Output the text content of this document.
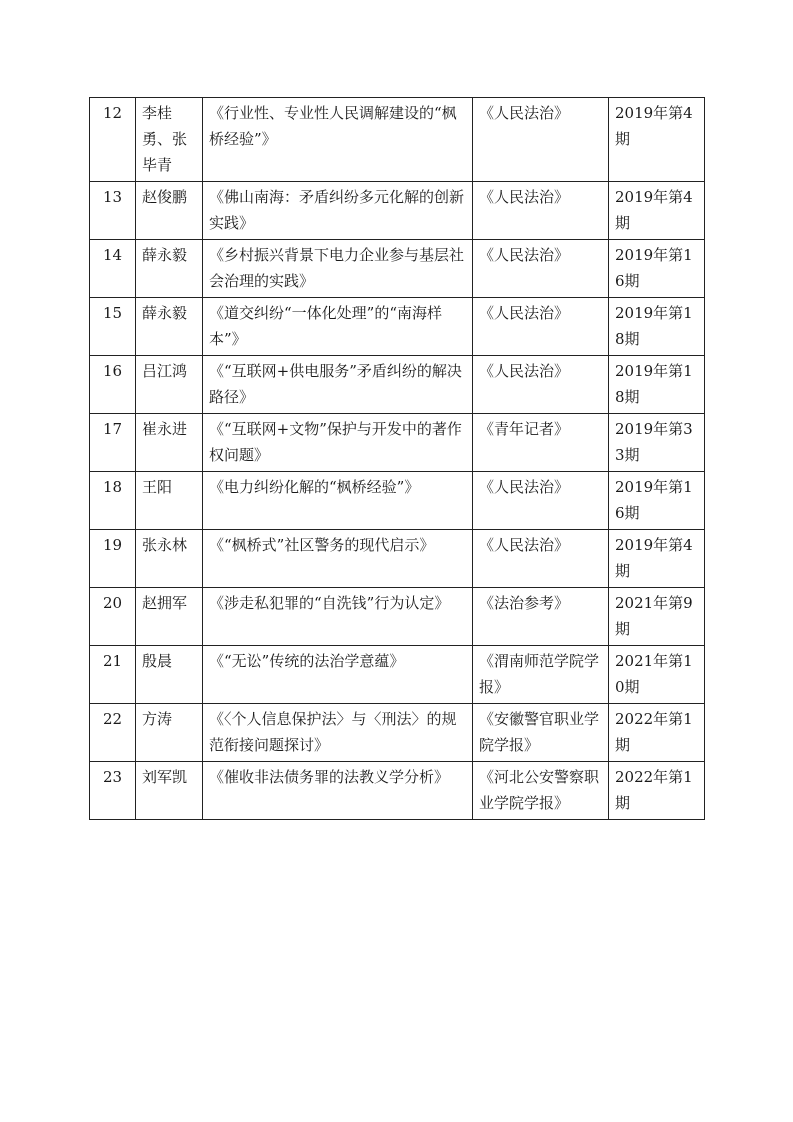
12	李桂勇、张毕青	《行业性、专业性人民调解建设的“枫桥经验”》	《人民法治》	2019年第4期
13	赵俊鹏	《佛山南海：矛盾纠纷多元化解的创新实践》	《人民法治》	2019年第4期
14	薛永毅	《乡村振兴背景下电力企业参与基层社会治理的实践》	《人民法治》	2019年第16期
15	薛永毅	《道交纠纷“一体化处理”的“南海样本”》	《人民法治》	2019年第18期
16	吕江鸿	《“互联网+供电服务”矛盾纠纷的解决路径》	《人民法治》	2019年第18期
17	崔永进	《“互联网+文物”保护与开发中的著作权问题》	《青年记者》	2019年第33期
18	王阳	《电力纠纷化解的“枫桥经验”》	《人民法治》	2019年第16期
19	张永林	《“枫桥式”社区警务的现代启示》	《人民法治》	2019年第4期
20	赵拥军	《涉走私犯罪的“自洗钱”行为认定》	《法治参考》	2021年第9期
21	殷晨	《“无讼”传统的法治学意蕴》	《渭南师范学院学报》	2021年第10期
22	方涛	《〈个人信息保护法〉与〈刑法〉的规范衔接问题探讨》	《安徽警官职业学院学报》	2022年第1期
23	刘军凯	《催收非法债务罪的法教义学分析》	《河北公安警察职业学院学报》	2022年第1期
